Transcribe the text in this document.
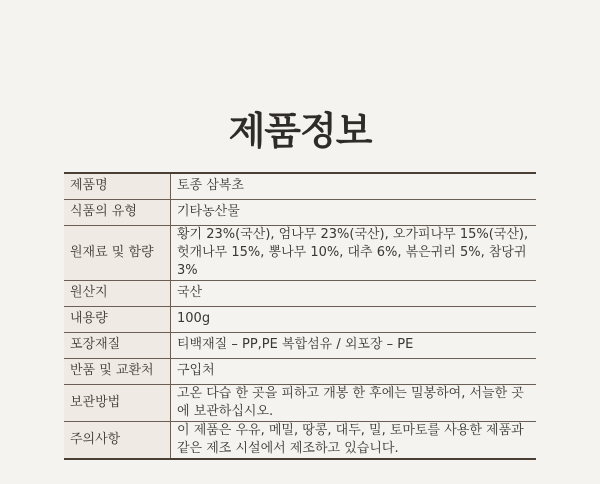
제품정보
제품명	토종 삼복초
식품의 유형	기타농산물
원재료 및 함량	황기 23%(국산), 엄나무 23%(국산), 오가피나무 15%(국산), 헛개나무 15%, 뽕나무 10%, 대추 6%, 볶은귀리 5%, 참당귀 3%
원산지	국산
내용량	100g
포장재질	티백재질 – PP,PE 복합섬유 / 외포장 – PE
반품 및 교환처	구입처
보관방법	고온 다습 한 곳을 피하고 개봉 한 후에는 밀봉하여, 서늘한 곳에 보관하십시오.
주의사항	이 제품은 우유, 메밀, 땅콩, 대두, 밀, 토마토를 사용한 제품과 같은 제조 시설에서 제조하고 있습니다.
